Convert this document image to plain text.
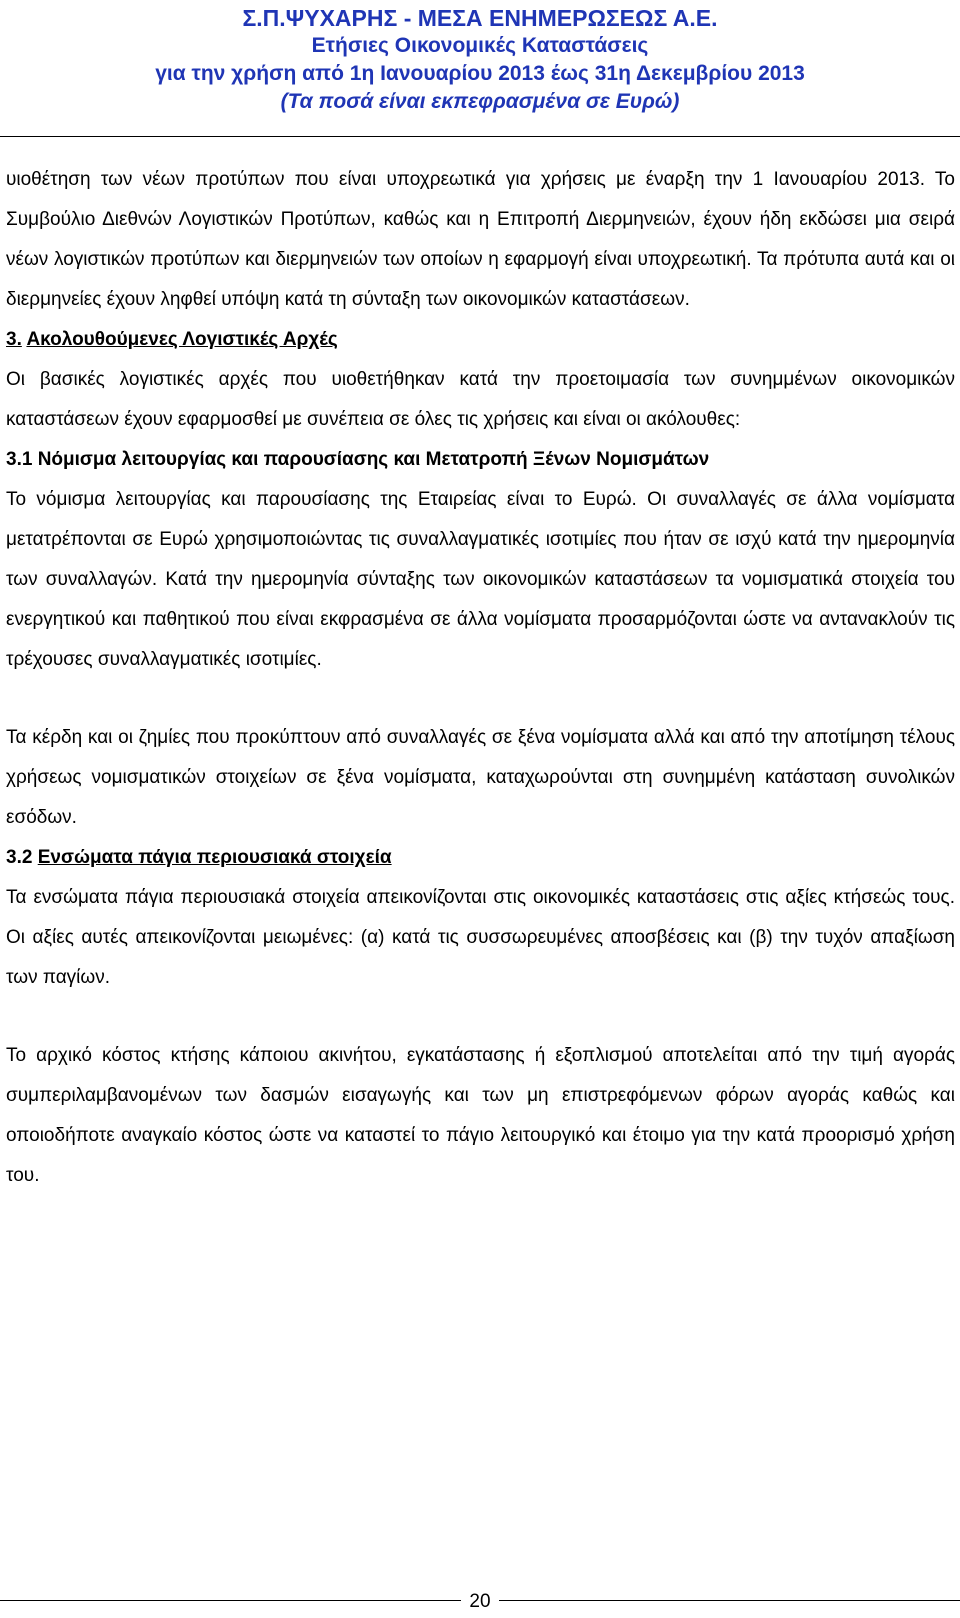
Σ.Π.ΨΥΧΑΡΗΣ - ΜΕΣΑ ΕΝΗΜΕΡΩΣΕΩΣ Α.Ε.
Ετήσιες Οικονομικές Καταστάσεις
για την χρήση από 1η Ιανουαρίου 2013 έως 31η Δεκεμβρίου 2013
(Τα ποσά είναι εκπεφρασμένα σε Ευρώ)

υιοθέτηση των νέων προτύπων που είναι υποχρεωτικά για χρήσεις με έναρξη την 1 Ιανουαρίου 2013. Το Συμβούλιο Διεθνών Λογιστικών Προτύπων, καθώς και η Επιτροπή Διερμηνειών, έχουν ήδη εκδώσει μια σειρά νέων λογιστικών προτύπων και διερμηνειών των οποίων η εφαρμογή είναι υποχρεωτική. Τα πρότυπα αυτά και οι διερμηνείες έχουν ληφθεί υπόψη κατά τη σύνταξη των οικονομικών καταστάσεων.

3. Ακολουθούμενες Λογιστικές Αρχές

Οι βασικές λογιστικές αρχές που υιοθετήθηκαν κατά την προετοιμασία των συνημμένων οικονομικών καταστάσεων έχουν εφαρμοσθεί με συνέπεια σε όλες τις χρήσεις και είναι οι ακόλουθες:

3.1 Νόμισμα λειτουργίας και παρουσίασης και Μετατροπή Ξένων Νομισμάτων

Το νόμισμα λειτουργίας και παρουσίασης της Εταιρείας είναι το Ευρώ. Οι συναλλαγές σε άλλα νομίσματα μετατρέπονται σε Ευρώ χρησιμοποιώντας τις συναλλαγματικές ισοτιμίες που ήταν σε ισχύ κατά την ημερομηνία των συναλλαγών. Κατά την ημερομηνία σύνταξης των οικονομικών καταστάσεων τα νομισματικά στοιχεία του ενεργητικού και παθητικού που είναι εκφρασμένα σε άλλα νομίσματα προσαρμόζονται ώστε να αντανακλούν τις τρέχουσες συναλλαγματικές ισοτιμίες.

Τα κέρδη και οι ζημίες που προκύπτουν από συναλλαγές σε ξένα νομίσματα αλλά και από την αποτίμηση τέλους χρήσεως νομισματικών στοιχείων σε ξένα νομίσματα, καταχωρούνται στη συνημμένη κατάσταση συνολικών εσόδων.

3.2 Ενσώματα πάγια περιουσιακά στοιχεία

Τα ενσώματα πάγια περιουσιακά στοιχεία απεικονίζονται στις οικονομικές καταστάσεις στις αξίες κτήσεώς τους. Οι αξίες αυτές απεικονίζονται μειωμένες: (α) κατά τις συσσωρευμένες αποσβέσεις και (β) την τυχόν απαξίωση των παγίων.

Το αρχικό κόστος κτήσης κάποιου ακινήτου, εγκατάστασης ή εξοπλισμού αποτελείται από την τιμή αγοράς συμπεριλαμβανομένων των δασμών εισαγωγής και των μη επιστρεφόμενων φόρων αγοράς καθώς και οποιοδήποτε αναγκαίο κόστος ώστε να καταστεί το πάγιο λειτουργικό και έτοιμο για την κατά προορισμό χρήση του.

20
